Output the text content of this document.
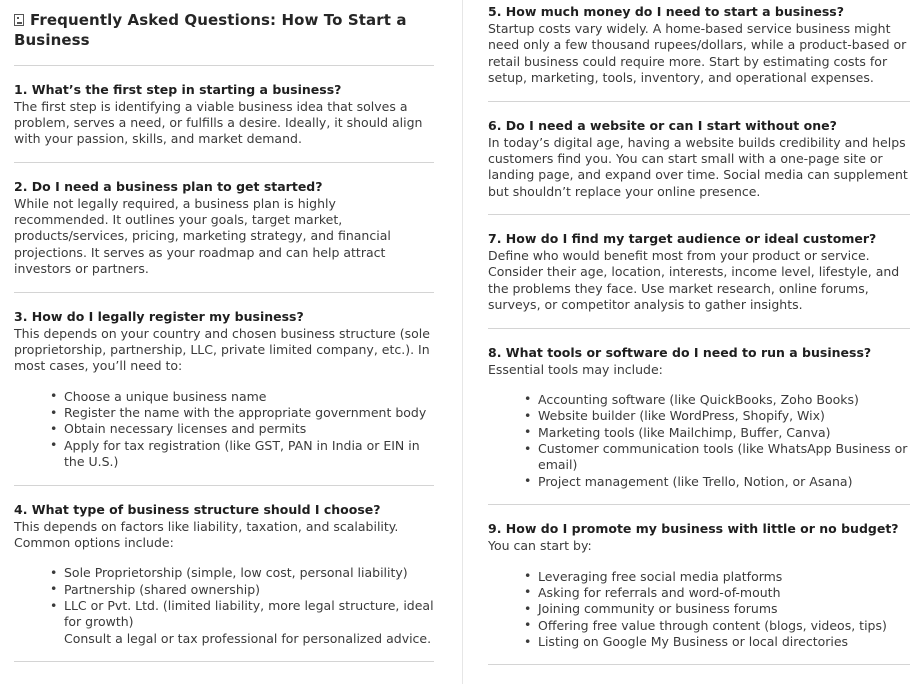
Frequently Asked Questions: How To Start a Business
1. What’s the first step in starting a business?
The first step is identifying a viable business idea that solves a problem, serves a need, or fulfills a desire. Ideally, it should align with your passion, skills, and market demand.
2. Do I need a business plan to get started?
While not legally required, a business plan is highly recommended. It outlines your goals, target market, products/services, pricing, marketing strategy, and financial projections. It serves as your roadmap and can help attract investors or partners.
3. How do I legally register my business?
This depends on your country and chosen business structure (sole proprietorship, partnership, LLC, private limited company, etc.). In most cases, you’ll need to:
• Choose a unique business name
• Register the name with the appropriate government body
• Obtain necessary licenses and permits
• Apply for tax registration (like GST, PAN in India or EIN in the U.S.)
4. What type of business structure should I choose?
This depends on factors like liability, taxation, and scalability. Common options include:
• Sole Proprietorship (simple, low cost, personal liability)
• Partnership (shared ownership)
• LLC or Pvt. Ltd. (limited liability, more legal structure, ideal for growth)
Consult a legal or tax professional for personalized advice.
5. How much money do I need to start a business?
Startup costs vary widely. A home-based service business might need only a few thousand rupees/dollars, while a product-based or retail business could require more. Start by estimating costs for setup, marketing, tools, inventory, and operational expenses.
6. Do I need a website or can I start without one?
In today’s digital age, having a website builds credibility and helps customers find you. You can start small with a one-page site or landing page, and expand over time. Social media can supplement but shouldn’t replace your online presence.
7. How do I find my target audience or ideal customer?
Define who would benefit most from your product or service. Consider their age, location, interests, income level, lifestyle, and the problems they face. Use market research, online forums, surveys, or competitor analysis to gather insights.
8. What tools or software do I need to run a business?
Essential tools may include:
• Accounting software (like QuickBooks, Zoho Books)
• Website builder (like WordPress, Shopify, Wix)
• Marketing tools (like Mailchimp, Buffer, Canva)
• Customer communication tools (like WhatsApp Business or email)
• Project management (like Trello, Notion, or Asana)
9. How do I promote my business with little or no budget?
You can start by:
• Leveraging free social media platforms
• Asking for referrals and word-of-mouth
• Joining community or business forums
• Offering free value through content (blogs, videos, tips)
• Listing on Google My Business or local directories
